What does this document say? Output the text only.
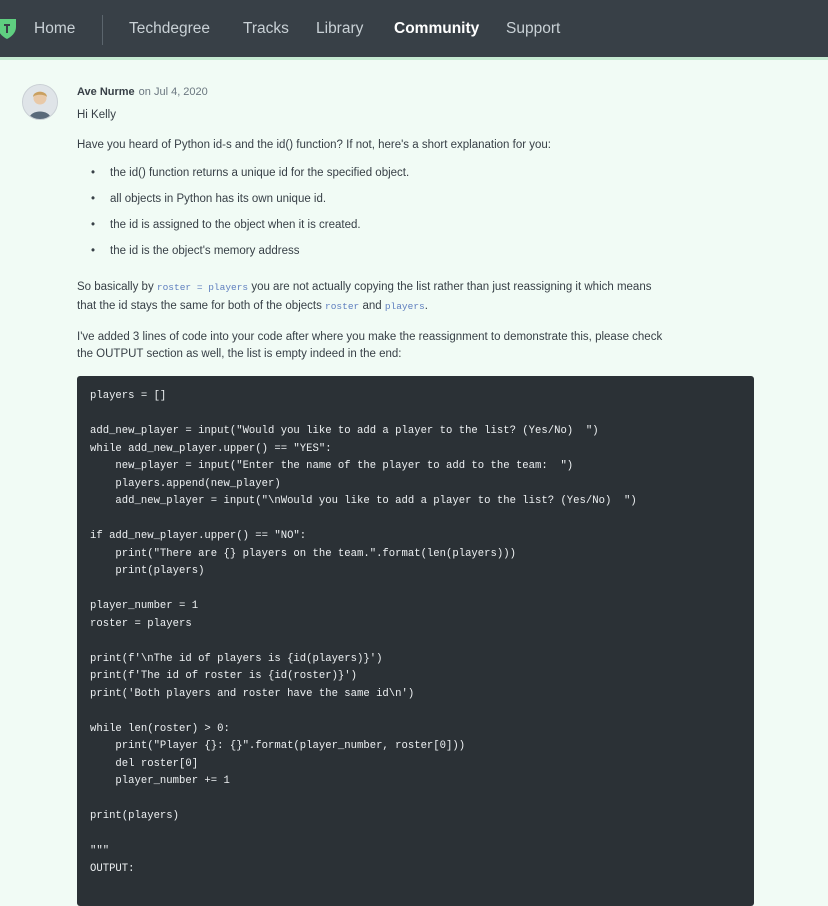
Home	Techdegree Tracks Library Community Support
Ave Nurme on Jul 4, 2020
Hi Kelly
Have you heard of Python id-s and the id() function? If not, here's a short explanation for you:
• the id() function returns a unique id for the specified object.
• all objects in Python has its own unique id.
• the id is assigned to the object when it is created.
• the id is the object's memory address
So basically by roster = players you are not actually copying the list rather than just reassigning it which means
that the id stays the same for both of the objects roster and players.
I've added 3 lines of code into your code after where you make the reassignment to demonstrate this, please check
the OUTPUT section as well, the list is empty indeed in the end:
players = []
add_new_player = input("Would you like to add a player to the list? (Yes/No)  ")
while add_new_player.upper() == "YES":
new_player = input("Enter the name of the player to add to the team:  ")
players.append(new_player)
add_new_player = input("\nWould you like to add a player to the list? (Yes/No)  ")
if add_new_player.upper() == "NO":
print("There are {} players on the team.".format(len(players)))
print(players)
player_number = 1
roster = players
print(f'\nThe id of players is {id(players)}')
print(f'The id of roster is {id(roster)}')
print('Both players and roster have the same id\n')
while len(roster) > 0:
print("Player {}: {}".format(player_number, roster[0]))
del roster[0]
player_number += 1
print(players)
"""
OUTPUT:
